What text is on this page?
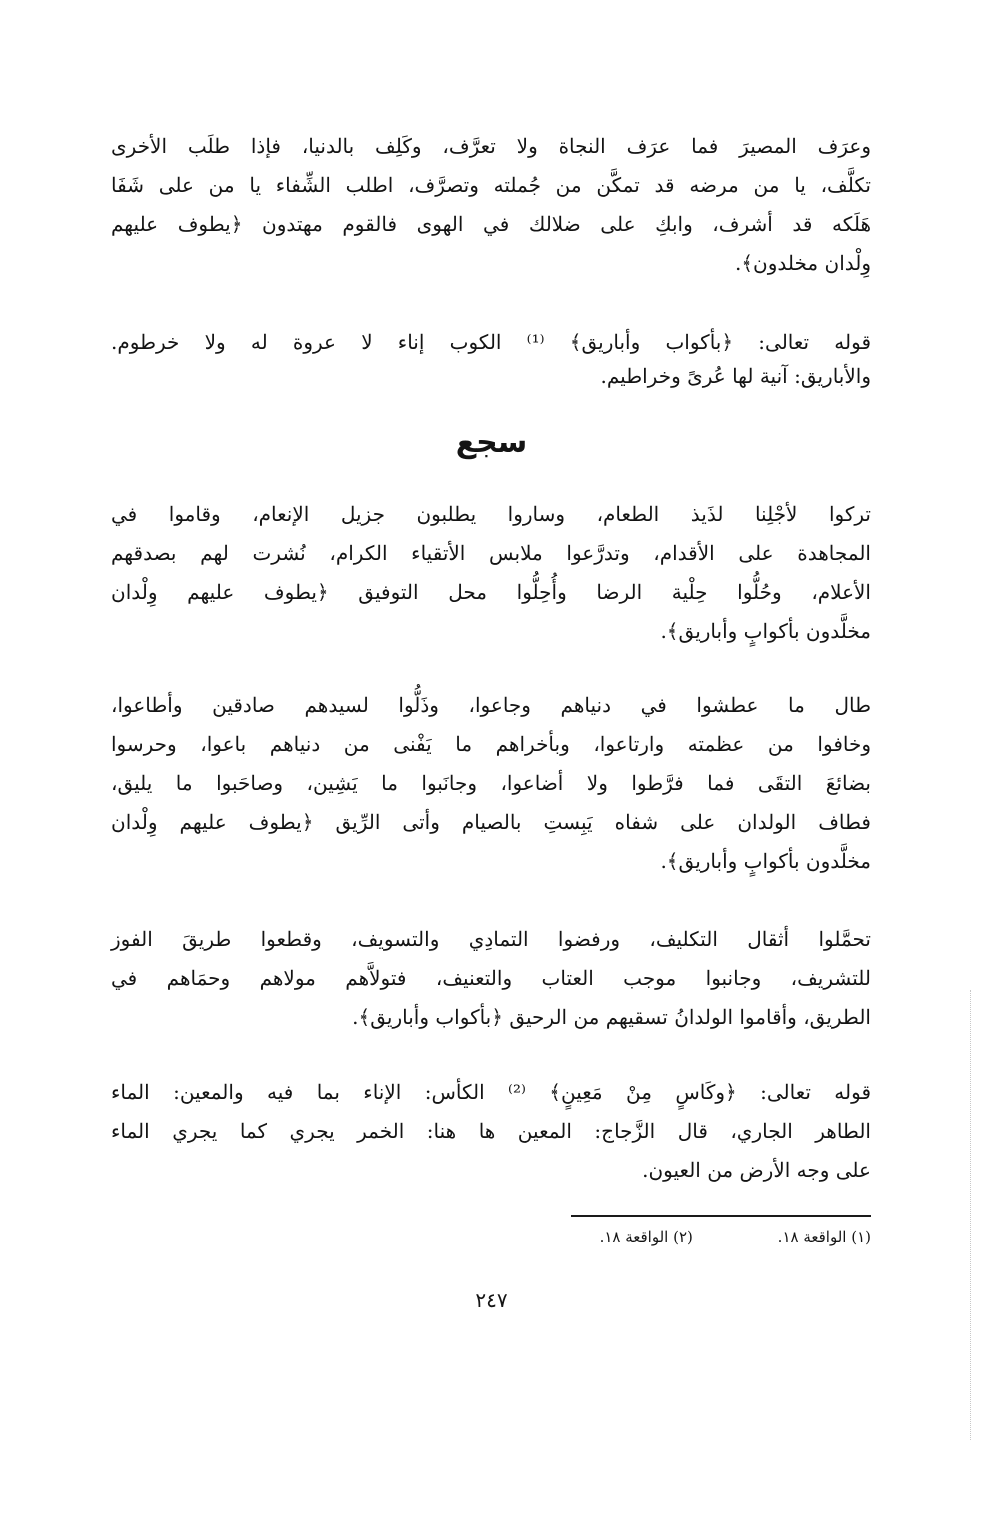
وعرَف المصيرَ فما عرَف النجاة ولا تعرَّف، وكَلِف بالدنيا، فإذا طلَب الأخرى
تكلَّف، يا من مرضه قد تمكَّن من جُملته وتصرَّف، اطلب الشِّفاء يا من على شَفَا
هَلَكه قد أشرف، وابكِ على ضلالك في الهوى فالقوم مهتدون ﴿يطوف عليهم
وِلْدان مخلدون﴾.
قوله تعالى: ﴿بأكواب وأباريق﴾ ⁽¹⁾ الكوب إناء لا عروة له ولا خرطوم.
والأباريق: آنية لها عُرىً وخراطيم.
سجع
تركوا لأجْلِنا لذَيذ الطعام، وساروا يطلبون جزيل الإنعام، وقاموا في
المجاهدة على الأقدام، وتدرَّعوا ملابس الأتقياء الكرام، نُشرت لهم بصدقهم
الأعلام، وحُلُّوا حِلْية الرضا وأُحِلُّوا محل التوفيق ﴿يطوف عليهم وِلْدان
مخلَّدون بأكوابٍ وأباريق﴾.
طال ما عطشوا في دنياهم وجاعوا، وذَلُّوا لسيدهم صادقين وأطاعوا،
وخافوا من عظمته وارتاعوا، وبأخراهم ما يَفْنى من دنياهم باعوا، وحرسوا
بضائعَ التقَى فما فرَّطوا ولا أضاعوا، وجانَبوا ما يَشِين، وصاحَبوا ما يليق،
فطاف الولدان على شفاه يَبِستِ بالصيام وأتى الرِّيق ﴿يطوف عليهم وِلْدان
مخلَّدون بأكوابٍ وأباريق﴾.
تحمَّلوا أثقال التكليف، ورفضوا التمادِي والتسويف، وقطعوا طريقَ الفوز
للتشريف، وجانبوا موجب العتاب والتعنيف، فتولاَّهم مولاهم وحمَاهم في
الطريق، وأقاموا الولدانُ تسقيهم من الرحيق ﴿بأكواب وأباريق﴾.
قوله تعالى: ﴿وكَاسٍ مِنْ مَعِينٍ﴾ ⁽²⁾ الكأس: الإناء بما فيه والمعين: الماء
الطاهر الجاري، قال الزَّجاج: المعين ها هنا: الخمر يجري كما يجري الماء
على وجه الأرض من العيون.
(١) الواقعة ١٨. (٢) الواقعة ١٨.
٢٤٧
